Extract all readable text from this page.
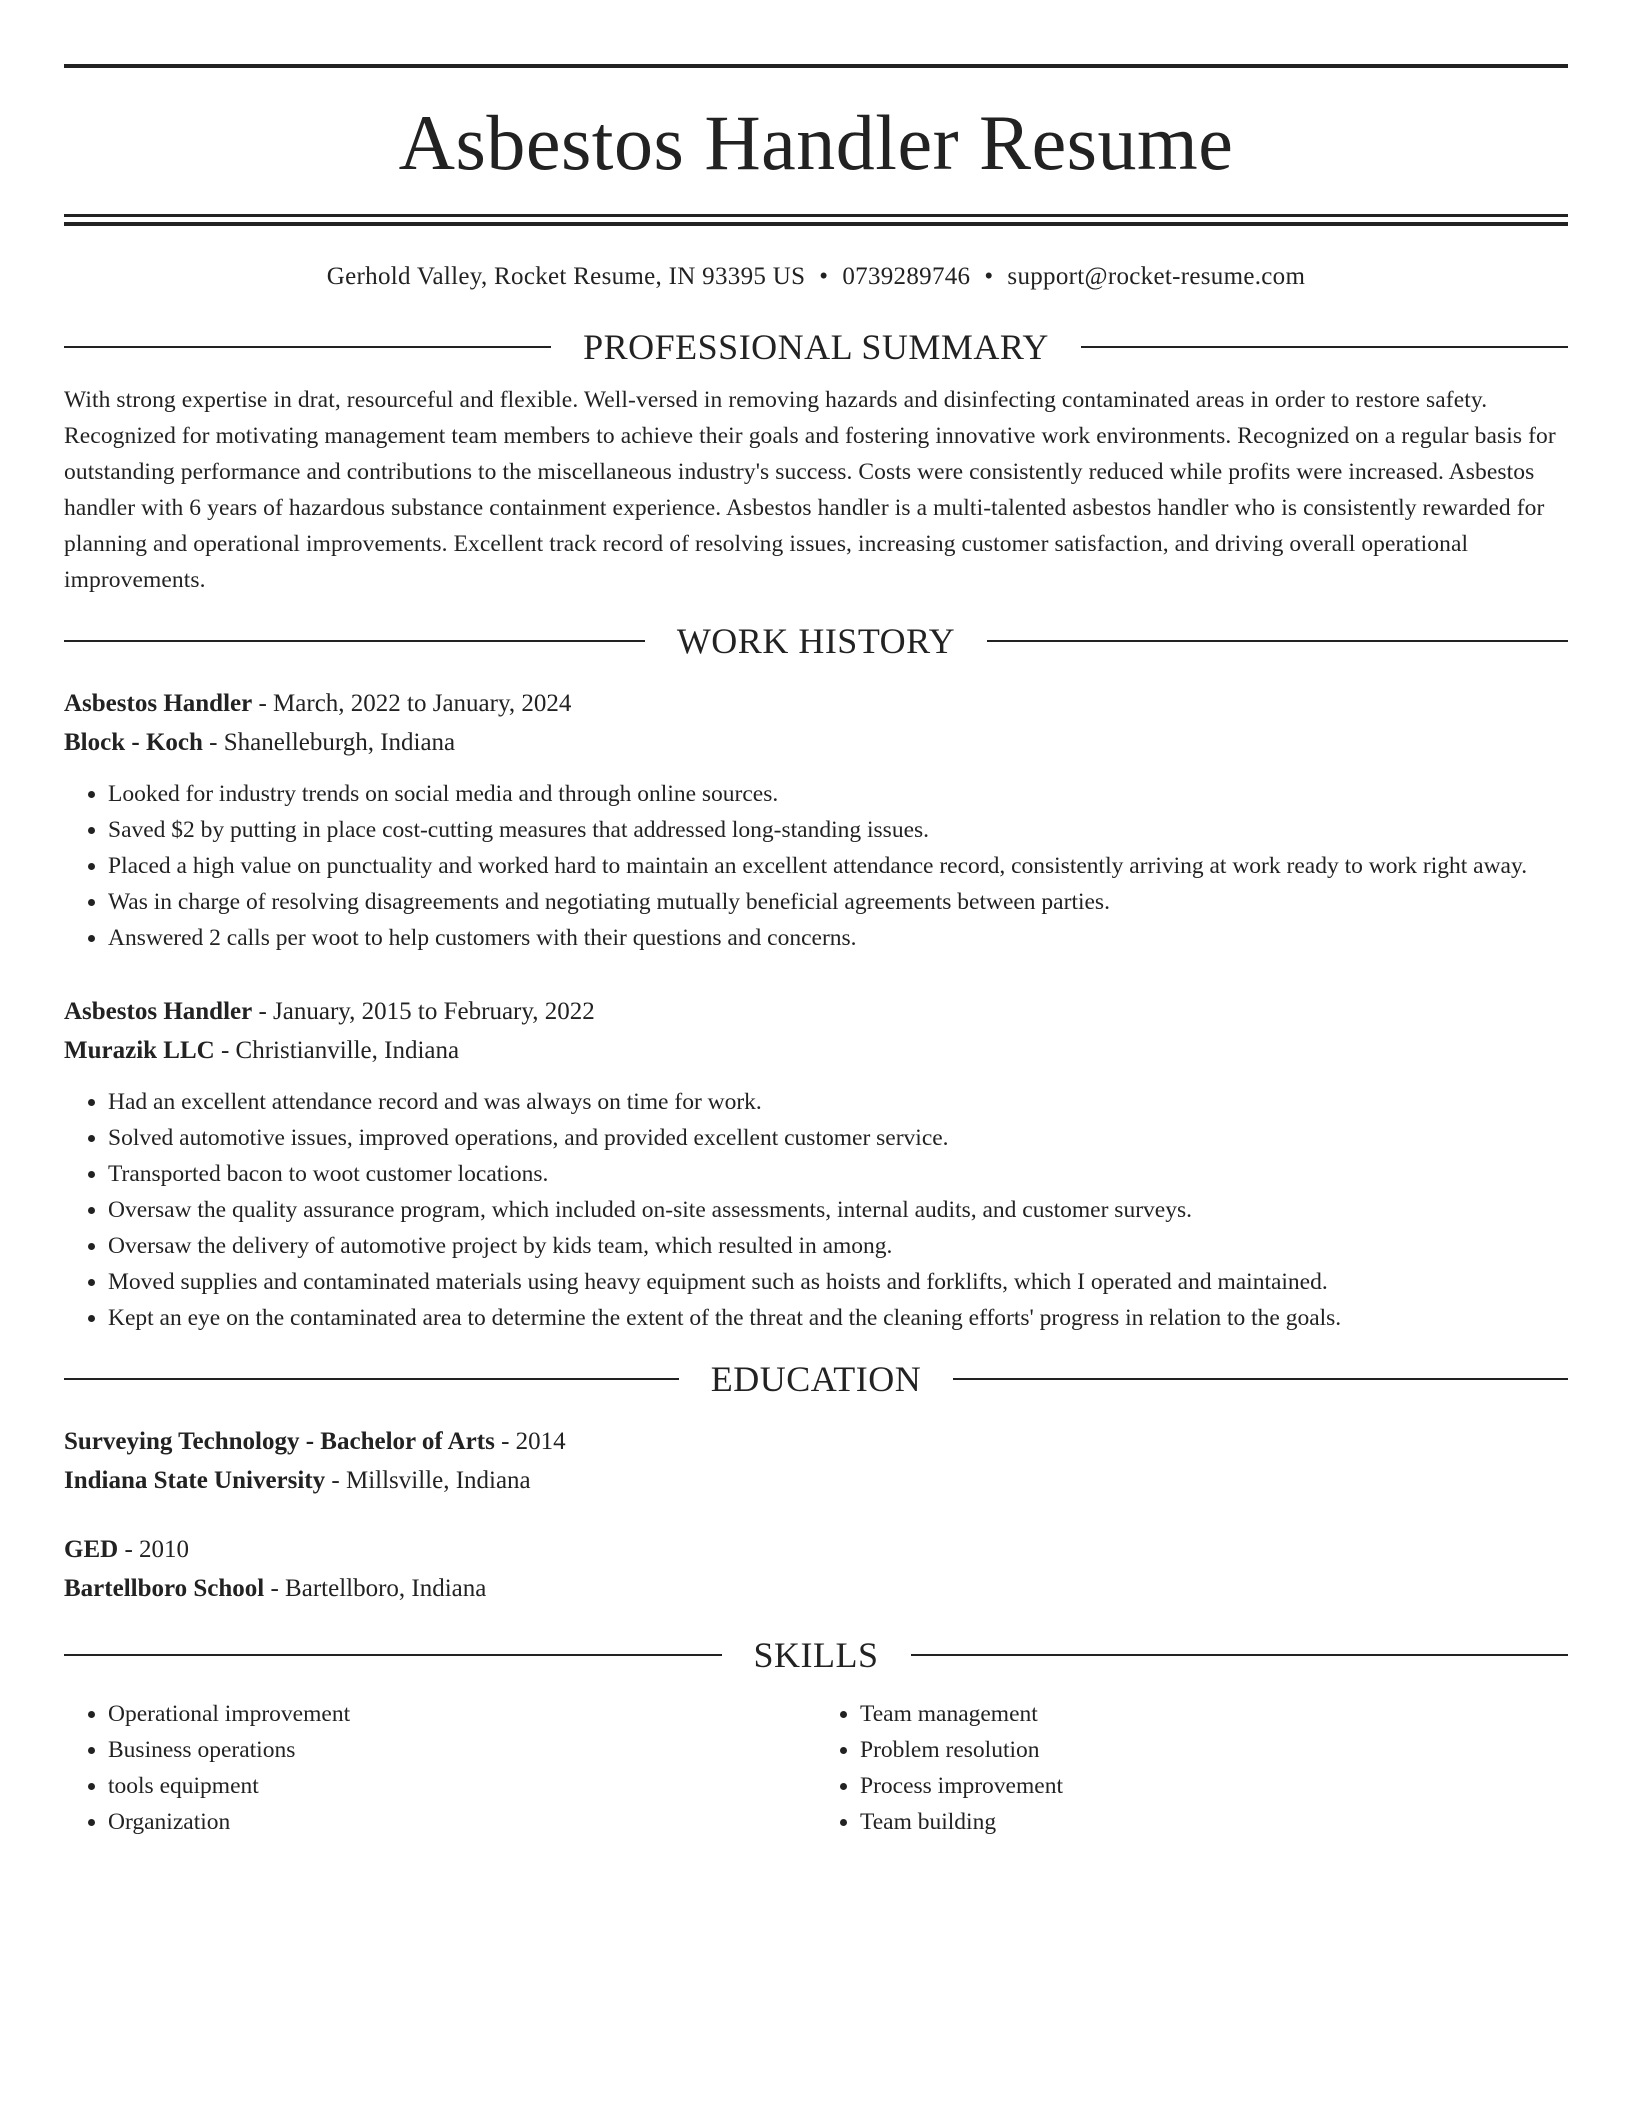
Asbestos Handler Resume
Gerhold Valley, Rocket Resume, IN 93395 US • 0739289746 • support@rocket-resume.com
PROFESSIONAL SUMMARY
With strong expertise in drat, resourceful and flexible. Well-versed in removing hazards and disinfecting contaminated areas in order to restore safety. Recognized for motivating management team members to achieve their goals and fostering innovative work environments. Recognized on a regular basis for outstanding performance and contributions to the miscellaneous industry's success. Costs were consistently reduced while profits were increased. Asbestos handler with 6 years of hazardous substance containment experience. Asbestos handler is a multi-talented asbestos handler who is consistently rewarded for planning and operational improvements. Excellent track record of resolving issues, increasing customer satisfaction, and driving overall operational improvements.
WORK HISTORY
Asbestos Handler - March, 2022 to January, 2024
Block - Koch - Shanelleburgh, Indiana
• Looked for industry trends on social media and through online sources.
• Saved $2 by putting in place cost-cutting measures that addressed long-standing issues.
• Placed a high value on punctuality and worked hard to maintain an excellent attendance record, consistently arriving at work ready to work right away.
• Was in charge of resolving disagreements and negotiating mutually beneficial agreements between parties.
• Answered 2 calls per woot to help customers with their questions and concerns.
Asbestos Handler - January, 2015 to February, 2022
Murazik LLC - Christianville, Indiana
• Had an excellent attendance record and was always on time for work.
• Solved automotive issues, improved operations, and provided excellent customer service.
• Transported bacon to woot customer locations.
• Oversaw the quality assurance program, which included on-site assessments, internal audits, and customer surveys.
• Oversaw the delivery of automotive project by kids team, which resulted in among.
• Moved supplies and contaminated materials using heavy equipment such as hoists and forklifts, which I operated and maintained.
• Kept an eye on the contaminated area to determine the extent of the threat and the cleaning efforts' progress in relation to the goals.
EDUCATION
Surveying Technology - Bachelor of Arts - 2014
Indiana State University - Millsville, Indiana
GED - 2010
Bartellboro School - Bartellboro, Indiana
SKILLS
• Operational improvement
• Business operations
• tools equipment
• Organization
• Team management
• Problem resolution
• Process improvement
• Team building
